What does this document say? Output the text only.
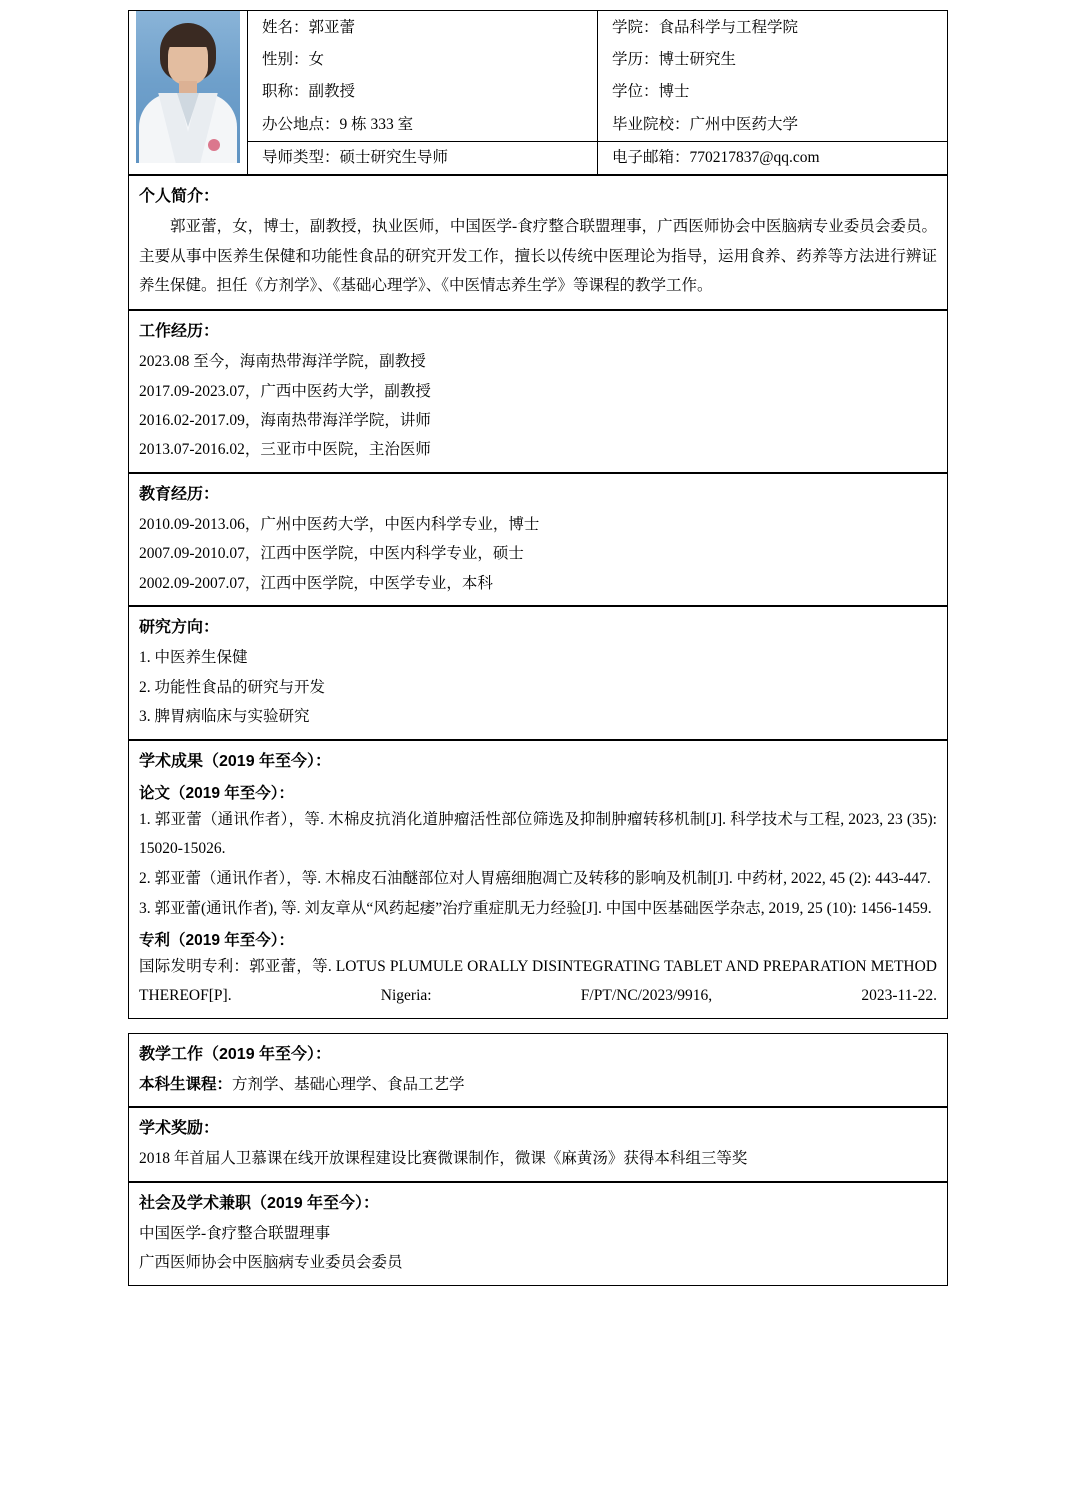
姓名：郭亚蕾	学院：食品科学与工程学院
性别：女	学历：博士研究生
职称：副教授	学位：博士
办公地点：9 栋 333 室	毕业院校：广州中医药大学
导师类型：硕士研究生导师	电子邮箱：770217837@qq.com
个人简介：
郭亚蕾，女，博士，副教授，执业医师，中国医学-食疗整合联盟理事，广西医师协会中医脑病专业委员会委员。主要从事中医养生保健和功能性食品的研究开发工作，擅长以传统中医理论为指导，运用食养、药养等方法进行辨证养生保健。担任《方剂学》、《基础心理学》、《中医情志养生学》等课程的教学工作。
工作经历：
2023.08 至今，海南热带海洋学院，副教授
2017.09-2023.07，广西中医药大学，副教授
2016.02-2017.09，海南热带海洋学院，讲师
2013.07-2016.02，三亚市中医院，主治医师
教育经历：
2010.09-2013.06，广州中医药大学，中医内科学专业，博士
2007.09-2010.07，江西中医学院，中医内科学专业，硕士
2002.09-2007.07，江西中医学院，中医学专业，本科
研究方向：
1. 中医养生保健
2. 功能性食品的研究与开发
3. 脾胃病临床与实验研究
学术成果（2019 年至今）：
论文（2019 年至今）：
1. 郭亚蕾（通讯作者），等. 木棉皮抗消化道肿瘤活性部位筛选及抑制肿瘤转移机制[J]. 科学技术与工程, 2023, 23 (35): 15020-15026.
2. 郭亚蕾（通讯作者），等. 木棉皮石油醚部位对人胃癌细胞凋亡及转移的影响及机制[J]. 中药材, 2022, 45 (2): 443-447.
3. 郭亚蕾(通讯作者), 等. 刘友章从“风药起痿”治疗重症肌无力经验[J]. 中国中医基础医学杂志, 2019, 25 (10): 1456-1459.
专利（2019 年至今）：
国际发明专利：郭亚蕾，等. LOTUS PLUMULE ORALLY DISINTEGRATING TABLET AND PREPARATION METHOD THEREOF[P]. Nigeria: F/PT/NC/2023/9916, 2023-11-22.
教学工作（2019 年至今）：
本科生课程：方剂学、基础心理学、食品工艺学
学术奖励：
2018 年首届人卫慕课在线开放课程建设比赛微课制作，微课《麻黄汤》获得本科组三等奖
社会及学术兼职（2019 年至今）：
中国医学-食疗整合联盟理事
广西医师协会中医脑病专业委员会委员
